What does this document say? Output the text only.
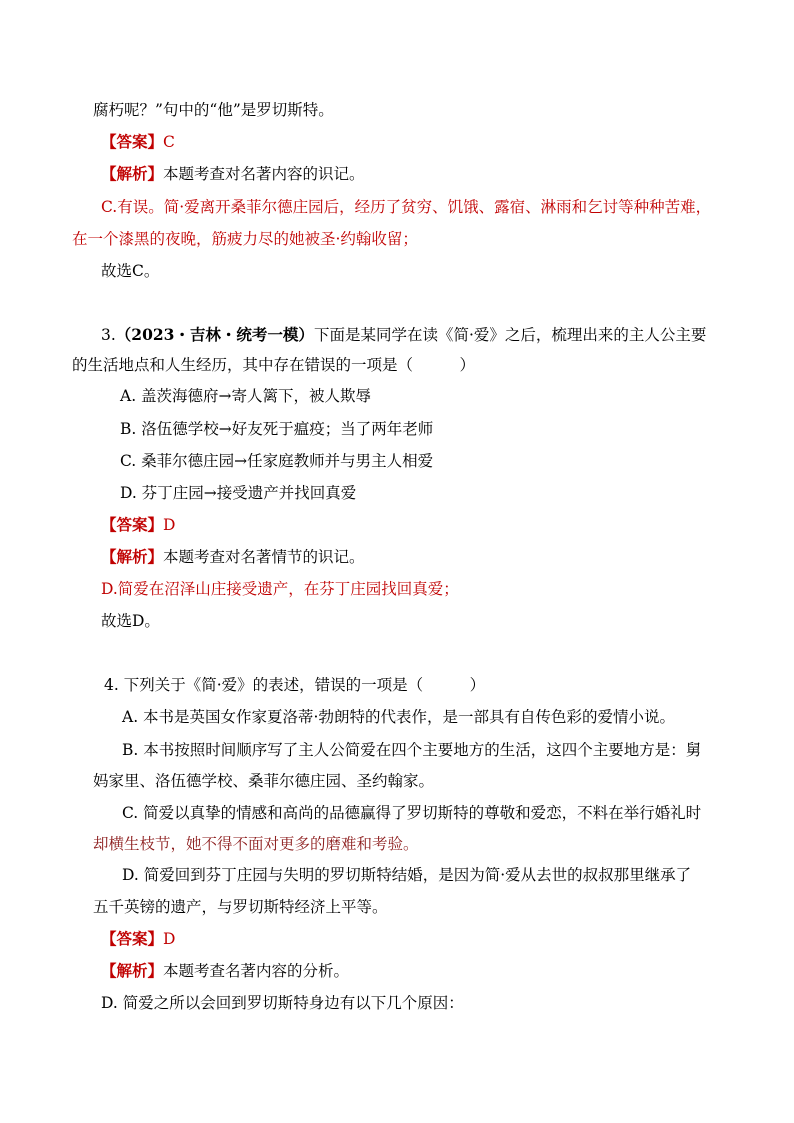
腐朽呢？”句中的“他”是罗切斯特。
【答案】C
【解析】本题考查对名著内容的识记。
C.有误。简·爱离开桑菲尔德庄园后，经历了贫穷、饥饿、露宿、淋雨和乞讨等种种苦难，
在一个漆黑的夜晚，筋疲力尽的她被圣·约翰收留；
故选C。
3.（2023・吉林・统考一模）下面是某同学在读《简·爱》之后，梳理出来的主人公主要
的生活地点和人生经历，其中存在错误的一项是（　　　）
A. 盖茨海德府→寄人篱下，被人欺辱
B. 洛伍德学校→好友死于瘟疫；当了两年老师
C. 桑菲尔德庄园→任家庭教师并与男主人相爱
D. 芬丁庄园→接受遗产并找回真爱
【答案】D
【解析】本题考查对名著情节的识记。
D.简爱在沼泽山庄接受遗产，在芬丁庄园找回真爱；
故选D。
4. 下列关于《简·爱》的表述，错误的一项是（　　　）
A. 本书是英国女作家夏洛蒂·勃朗特的代表作，是一部具有自传色彩的爱情小说。
B. 本书按照时间顺序写了主人公简爱在四个主要地方的生活，这四个主要地方是：舅
妈家里、洛伍德学校、桑菲尔德庄园、圣约翰家。
C. 简爱以真挚的情感和高尚的品德赢得了罗切斯特的尊敬和爱恋，不料在举行婚礼时
却横生枝节，她不得不面对更多的磨难和考验。
D. 简爱回到芬丁庄园与失明的罗切斯特结婚，是因为简·爱从去世的叔叔那里继承了
五千英镑的遗产，与罗切斯特经济上平等。
【答案】D
【解析】本题考查名著内容的分析。
D. 简爱之所以会回到罗切斯特身边有以下几个原因：
